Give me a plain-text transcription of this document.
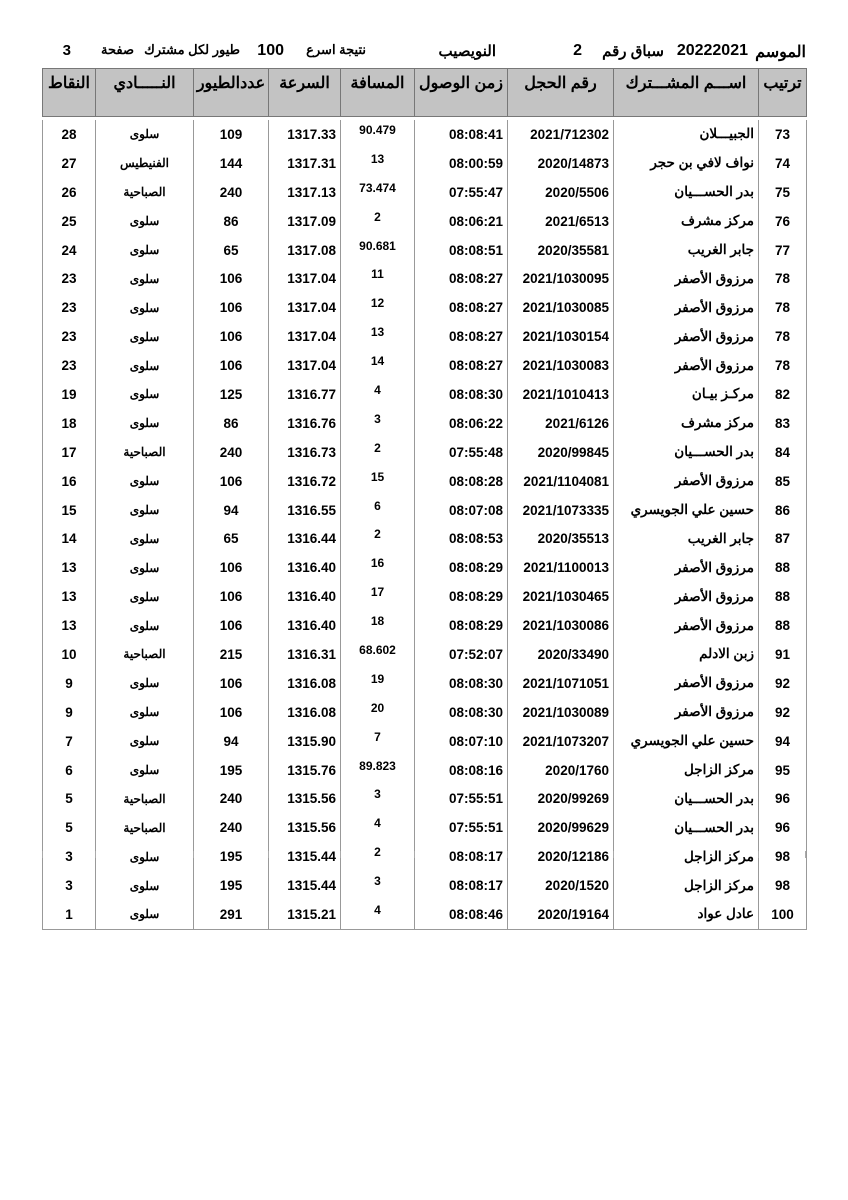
الموسم
20222021
سباق رقم
2
النويصيب
نتيجة اسرع
100
طيور لكل مشترك
صفحة
3
ترتيب	اســـم المشـــترك	رقم الحجل	زمن الوصول	المسافة	السرعة	عددالطيور	النـــــادي	النقاط

73	الجبيـــلان	2021/712302	08:08:41	90.479	1317.33	109	سلوى	28
74	نواف لافي بن حجر	2020/14873	08:00:59	13	1317.31	144	الفنيطيس	27
75	بدر الحســـيان	2020/5506	07:55:47	73.474	1317.13	240	الصباحية	26
76	مركز مشرف	2021/6513	08:06:21	2	1317.09	86	سلوى	25
77	جابر الغريب	2020/35581	08:08:51	90.681	1317.08	65	سلوى	24
78	مرزوق الأصفر	2021/1030095	08:08:27	11	1317.04	106	سلوى	23
78	مرزوق الأصفر	2021/1030085	08:08:27	12	1317.04	106	سلوى	23
78	مرزوق الأصفر	2021/1030154	08:08:27	13	1317.04	106	سلوى	23
78	مرزوق الأصفر	2021/1030083	08:08:27	14	1317.04	106	سلوى	23
82	مركـز بيـان	2021/1010413	08:08:30	4	1316.77	125	سلوى	19
83	مركز مشرف	2021/6126	08:06:22	3	1316.76	86	سلوى	18
84	بدر الحســـيان	2020/99845	07:55:48	2	1316.73	240	الصباحية	17
85	مرزوق الأصفر	2021/1104081	08:08:28	15	1316.72	106	سلوى	16
86	حسين علي الجويسري	2021/1073335	08:07:08	6	1316.55	94	سلوى	15
87	جابر الغريب	2020/35513	08:08:53	2	1316.44	65	سلوى	14
88	مرزوق الأصفر	2021/1100013	08:08:29	16	1316.40	106	سلوى	13
88	مرزوق الأصفر	2021/1030465	08:08:29	17	1316.40	106	سلوى	13
88	مرزوق الأصفر	2021/1030086	08:08:29	18	1316.40	106	سلوى	13
91	زبن الادلم	2020/33490	07:52:07	68.602	1316.31	215	الصباحية	10
92	مرزوق الأصفر	2021/1071051	08:08:30	19	1316.08	106	سلوى	9
92	مرزوق الأصفر	2021/1030089	08:08:30	20	1316.08	106	سلوى	9
94	حسين علي الجويسري	2021/1073207	08:07:10	7	1315.90	94	سلوى	7
95	مركز الزاجل	2020/1760	08:08:16	89.823	1315.76	195	سلوى	6
96	بدر الحســـيان	2020/99269	07:55:51	3	1315.56	240	الصباحية	5
96	بدر الحســـيان	2020/99629	07:55:51	4	1315.56	240	الصباحية	5
98	مركز الزاجل	2020/12186	08:08:17	2	1315.44	195	سلوى	3
98	مركز الزاجل	2020/1520	08:08:17	3	1315.44	195	سلوى	3
100	عادل عواد	2020/19164	08:08:46	4	1315.21	291	سلوى	1
